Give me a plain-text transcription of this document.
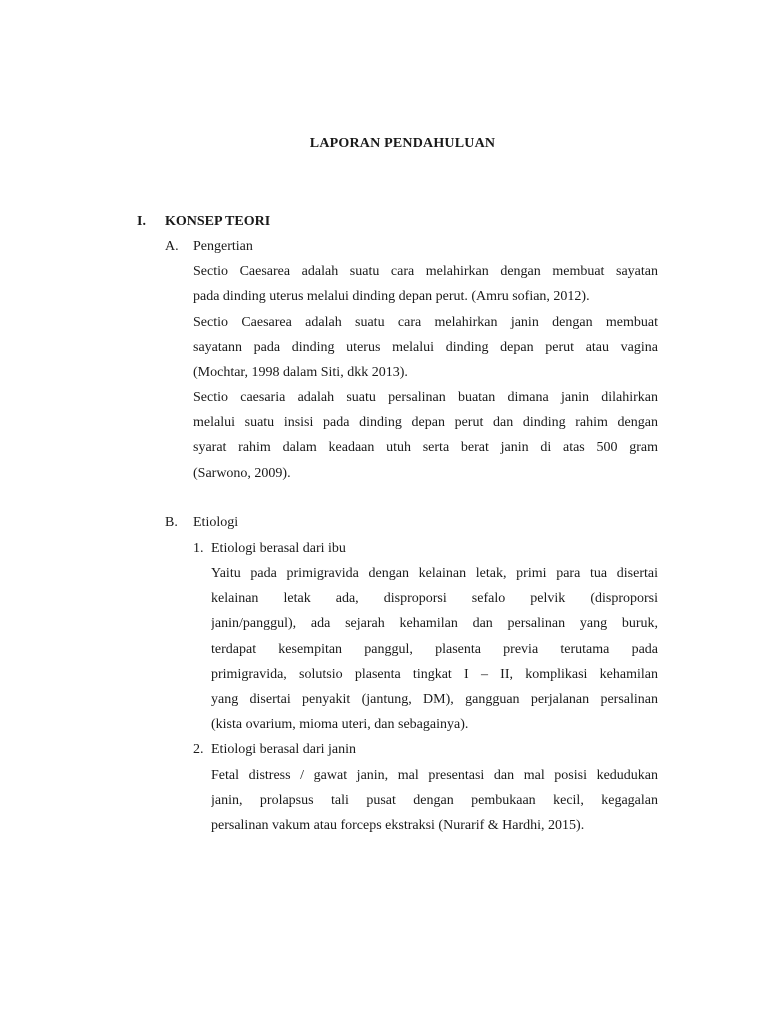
LAPORAN PENDAHULUAN
I. KONSEP TEORI
A. Pengertian
Sectio Caesarea adalah suatu cara melahirkan dengan membuat sayatan
pada dinding uterus melalui dinding depan perut. (Amru sofian, 2012).
Sectio Caesarea adalah suatu cara melahirkan janin dengan membuat
sayatann pada dinding uterus melalui dinding depan perut atau vagina
(Mochtar, 1998 dalam Siti, dkk 2013).
Sectio caesaria adalah suatu persalinan buatan dimana janin dilahirkan
melalui suatu insisi pada dinding depan perut dan dinding rahim dengan
syarat rahim dalam keadaan utuh serta berat janin di atas 500 gram
(Sarwono, 2009).
B. Etiologi
1. Etiologi berasal dari ibu
Yaitu pada primigravida dengan kelainan letak, primi para tua disertai
kelainan letak ada, disproporsi sefalo pelvik (disproporsi
janin/panggul), ada sejarah kehamilan dan persalinan yang buruk,
terdapat kesempitan panggul, plasenta previa terutama pada
primigravida, solutsio plasenta tingkat I – II, komplikasi kehamilan
yang disertai penyakit (jantung, DM), gangguan perjalanan persalinan
(kista ovarium, mioma uteri, dan sebagainya).
2. Etiologi berasal dari janin
Fetal distress / gawat janin, mal presentasi dan mal posisi kedudukan
janin, prolapsus tali pusat dengan pembukaan kecil, kegagalan
persalinan vakum atau forceps ekstraksi (Nurarif & Hardhi, 2015).
